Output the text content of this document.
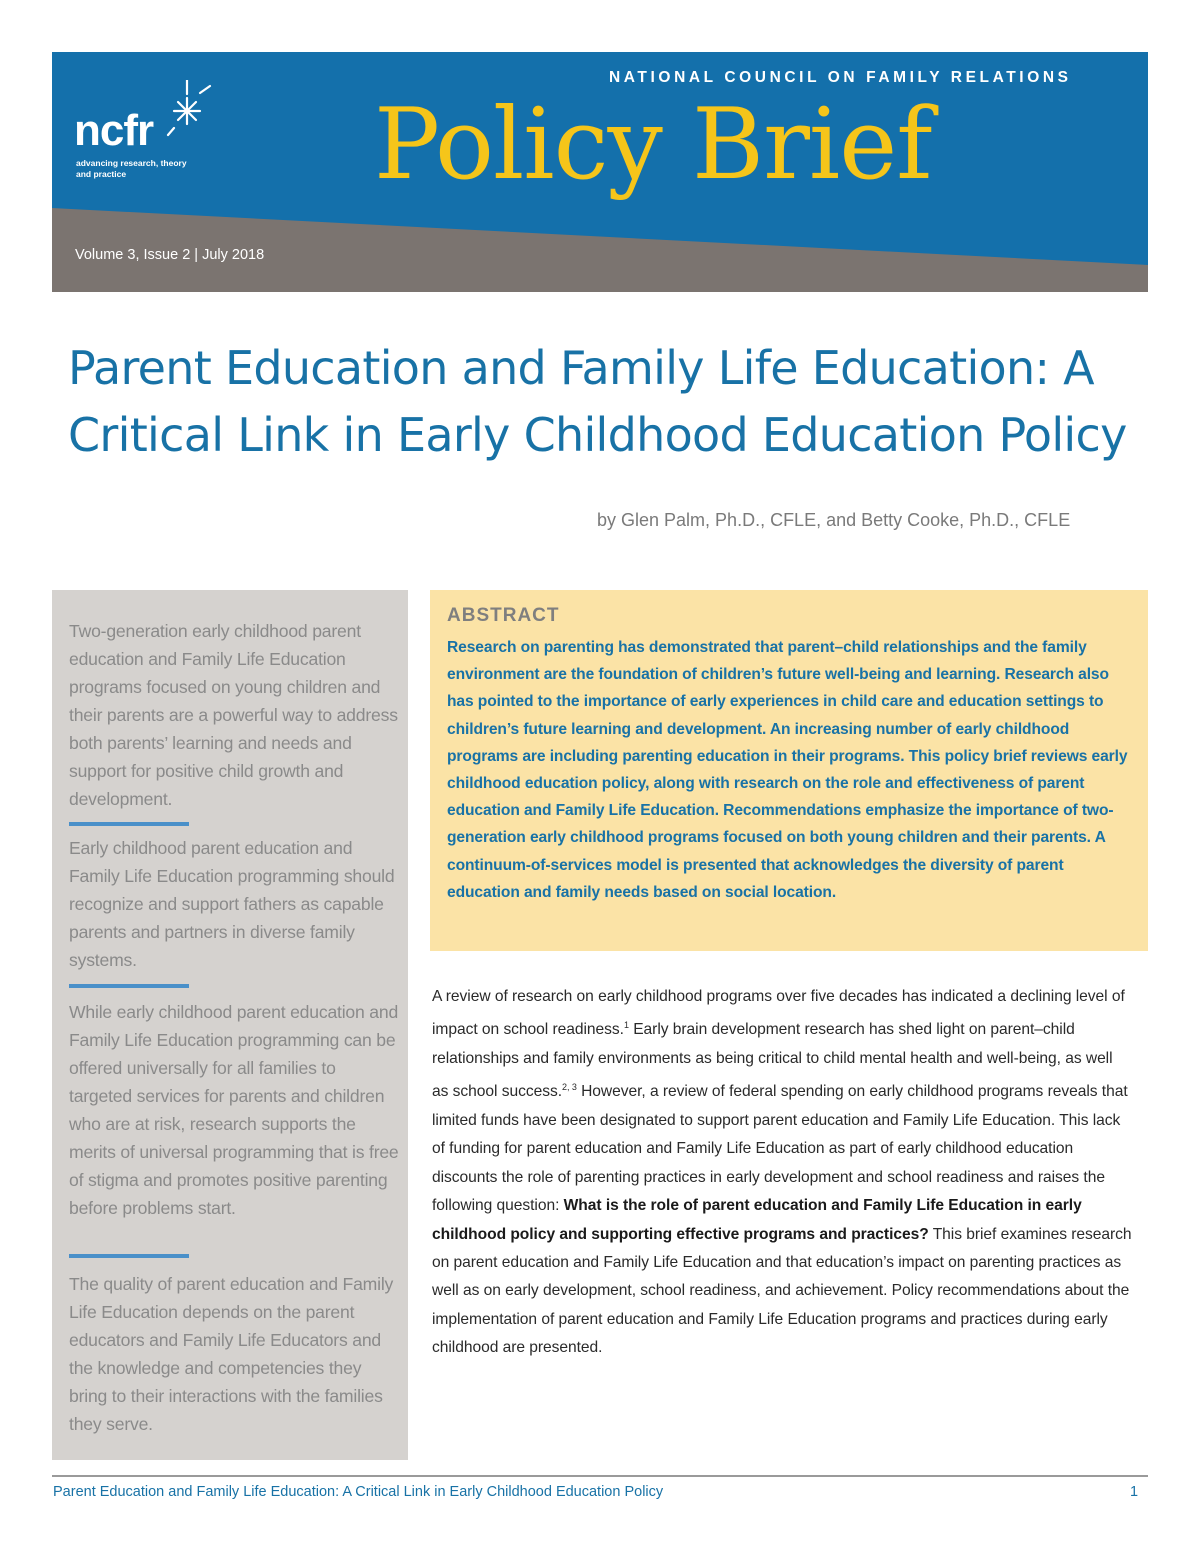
ncfr
advancing research, theory and practice
NATIONAL COUNCIL ON FAMILY RELATIONS
Policy Brief
Volume 3, Issue 2 | July 2018
Parent Education and Family Life Education: A Critical Link in Early Childhood Education Policy
by Glen Palm, Ph.D., CFLE, and Betty Cooke, Ph.D., CFLE

Two-generation early childhood parent education and Family Life Education programs focused on young children and their parents are a powerful way to address both parents’ learning and needs and support for positive child growth and development.

Early childhood parent education and Family Life Education programming should recognize and support fathers as capable parents and partners in diverse family systems.

While early childhood parent education and Family Life Education programming can be offered universally for all families to targeted services for parents and children who are at risk, research supports the merits of universal programming that is free of stigma and promotes positive parenting before problems start.

The quality of parent education and Family Life Education depends on the parent educators and Family Life Educators and the knowledge and competencies they bring to their interactions with the families they serve.

ABSTRACT

Research on parenting has demonstrated that parent–child relationships and the family environment are the foundation of children’s future well-being and learning. Research also has pointed to the importance of early experiences in child care and education settings to children’s future learning and development. An increasing number of early childhood programs are including parenting education in their programs. This policy brief reviews early childhood education policy, along with research on the role and effectiveness of parent education and Family Life Education. Recommendations emphasize the importance of two-generation early childhood programs focused on both young children and their parents. A continuum-of-services model is presented that acknowledges the diversity of parent education and family needs based on social location.

A review of research on early childhood programs over five decades has indicated a declining level of impact on school readiness.$^1$ Early brain development research has shed light on parent–child relationships and family environments as being critical to child mental health and well-being, as well as school success.$^{2, 3}$ However, a review of federal spending on early childhood programs reveals that limited funds have been designated to support parent education and Family Life Education. This lack of funding for parent education and Family Life Education as part of early childhood education discounts the role of parenting practices in early development and school readiness and raises the following question: What is the role of parent education and Family Life Education in early childhood policy and supporting effective programs and practices? This brief examines research on parent education and Family Life Education and that education’s impact on parenting practices as well as on early development, school readiness, and achievement. Policy recommendations about the implementation of parent education and Family Life Education programs and practices during early childhood are presented.

Parent Education and Family Life Education: A Critical Link in Early Childhood Education Policy	1
